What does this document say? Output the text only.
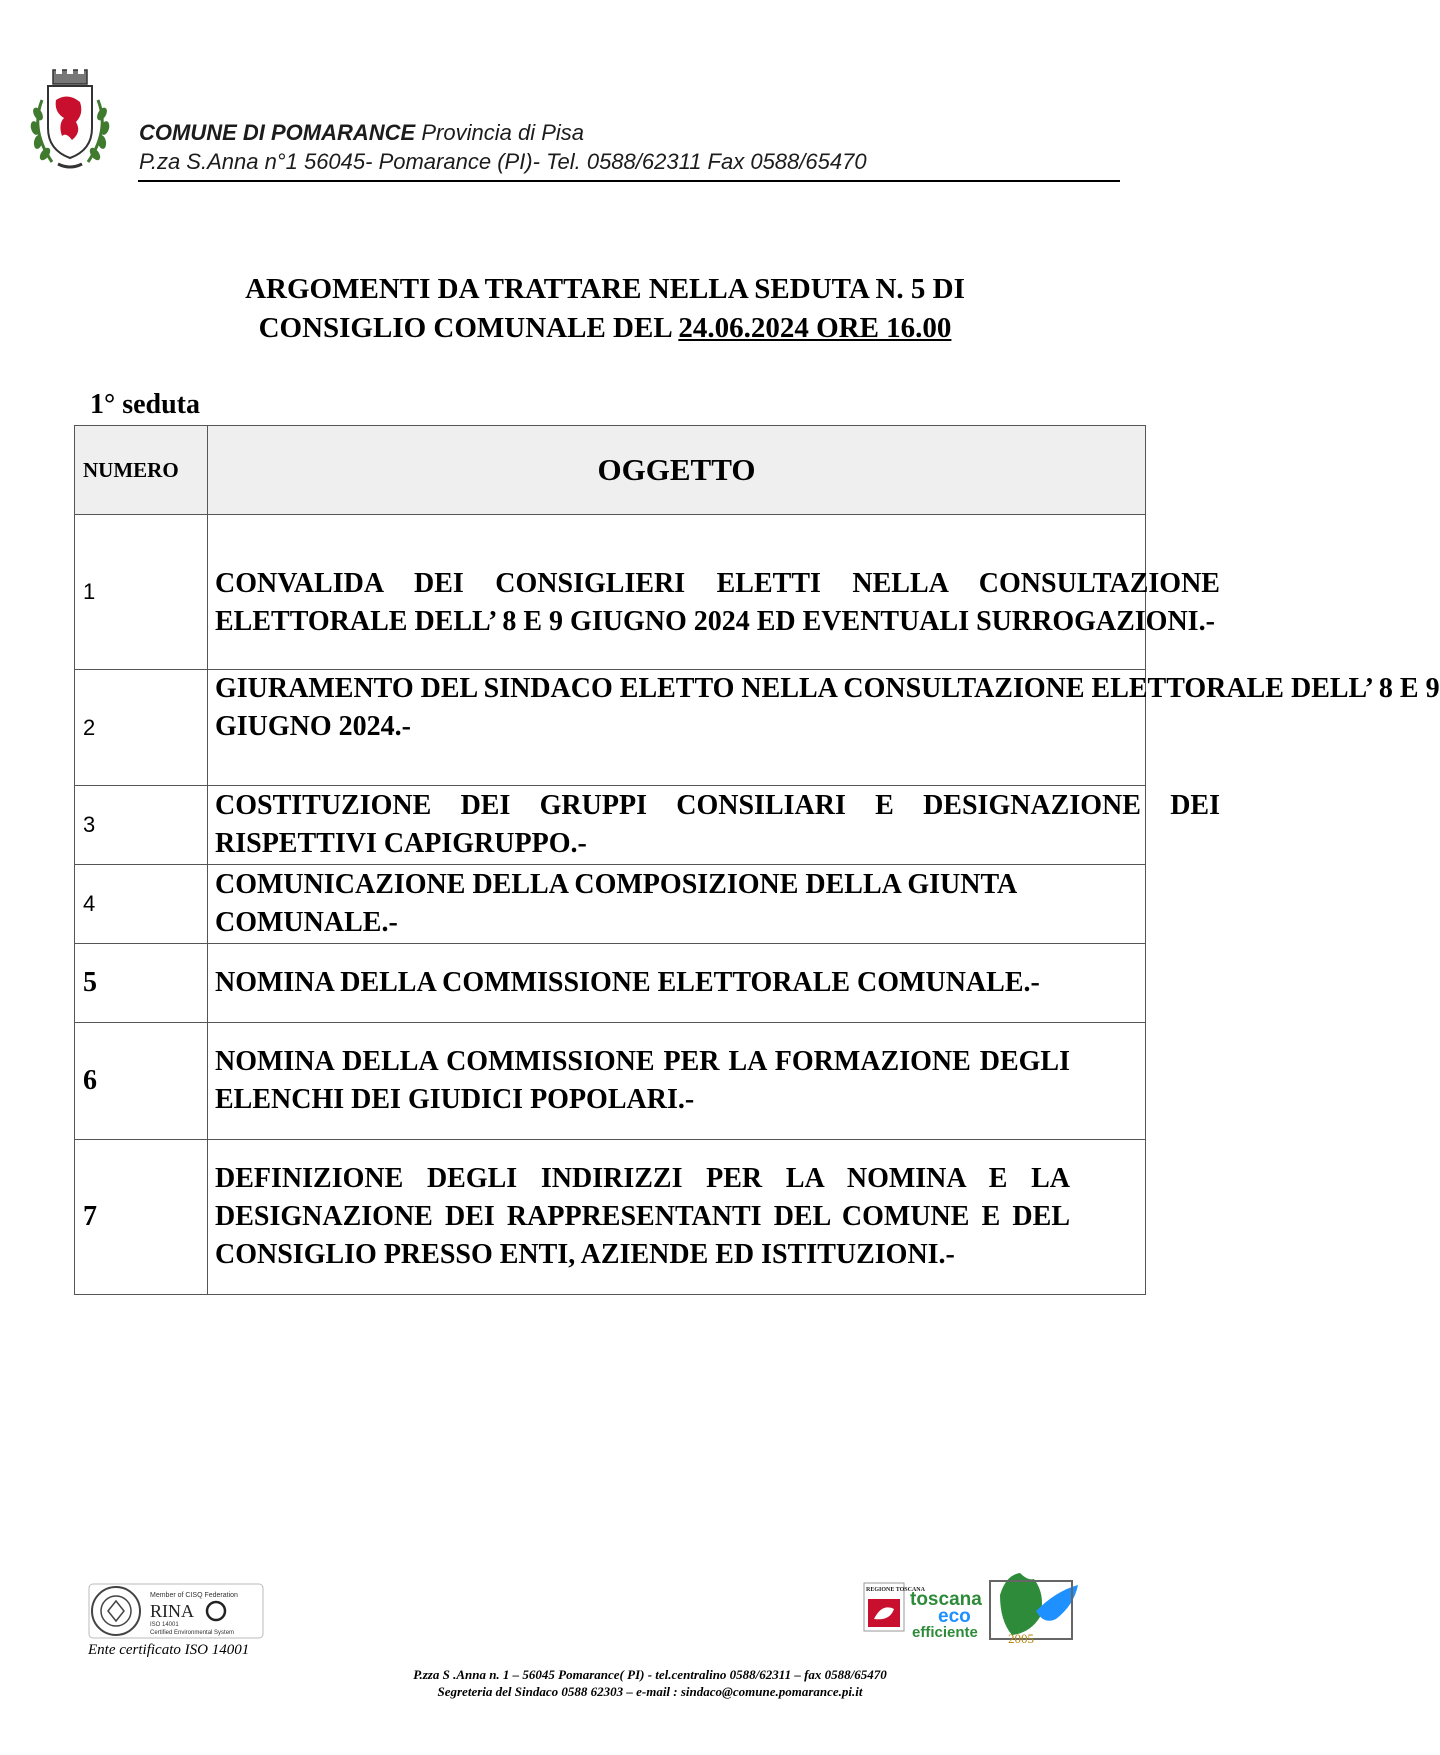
COMUNE DI POMARANCE Provincia di Pisa
P.za S.Anna n°1 56045- Pomarance (PI)- Tel. 0588/62311 Fax 0588/65470
ARGOMENTI DA TRATTARE NELLA SEDUTA N. 5 DI
CONSIGLIO COMUNALE DEL 24.06.2024 ORE 16.00
1° seduta
NUMERO	OGGETTO
1	CONVALIDA DEI CONSIGLIERI ELETTI NELLA CONSULTAZIONE ELETTORALE DELL’ 8 E 9 GIUGNO 2024 ED EVENTUALI SURROGAZIONI.-

2	GIURAMENTO DEL SINDACO ELETTO NELLA CONSULTAZIONE ELETTORALE DELL’ 8 E 9
GIUGNO 2024.-

3	COSTITUZIONE DEI GRUPPI CONSILIARI E DESIGNAZIONE DEI RISPETTIVI CAPIGRUPPO.-

4	COMUNICAZIONE DELLA COMPOSIZIONE DELLA GIUNTA COMUNALE.-

5	NOMINA DELLA COMMISSIONE ELETTORALE COMUNALE.-

6	NOMINA DELLA COMMISSIONE PER LA FORMAZIONE DEGLI ELENCHI DEI GIUDICI POPOLARI.-

7	DEFINIZIONE DEGLI INDIRIZZI PER LA NOMINA E LA DESIGNAZIONE DEI RAPPRESENTANTI DEL COMUNE E DEL CONSIGLIO PRESSO ENTI, AZIENDE ED ISTITUZIONI.-
Member of CISQ Federation
RINA
ISO 14001
Certified Environmental System
Ente certificato ISO 14001
REGIONE TOSCANA
toscana
eco
efficiente 2005
P.zza S .Anna n. 1 – 56045 Pomarance( PI) - tel.centralino 0588/62311 – fax 0588/65470
Segreteria del Sindaco 0588 62303 – e-mail : sindaco@comune.pomarance.pi.it
